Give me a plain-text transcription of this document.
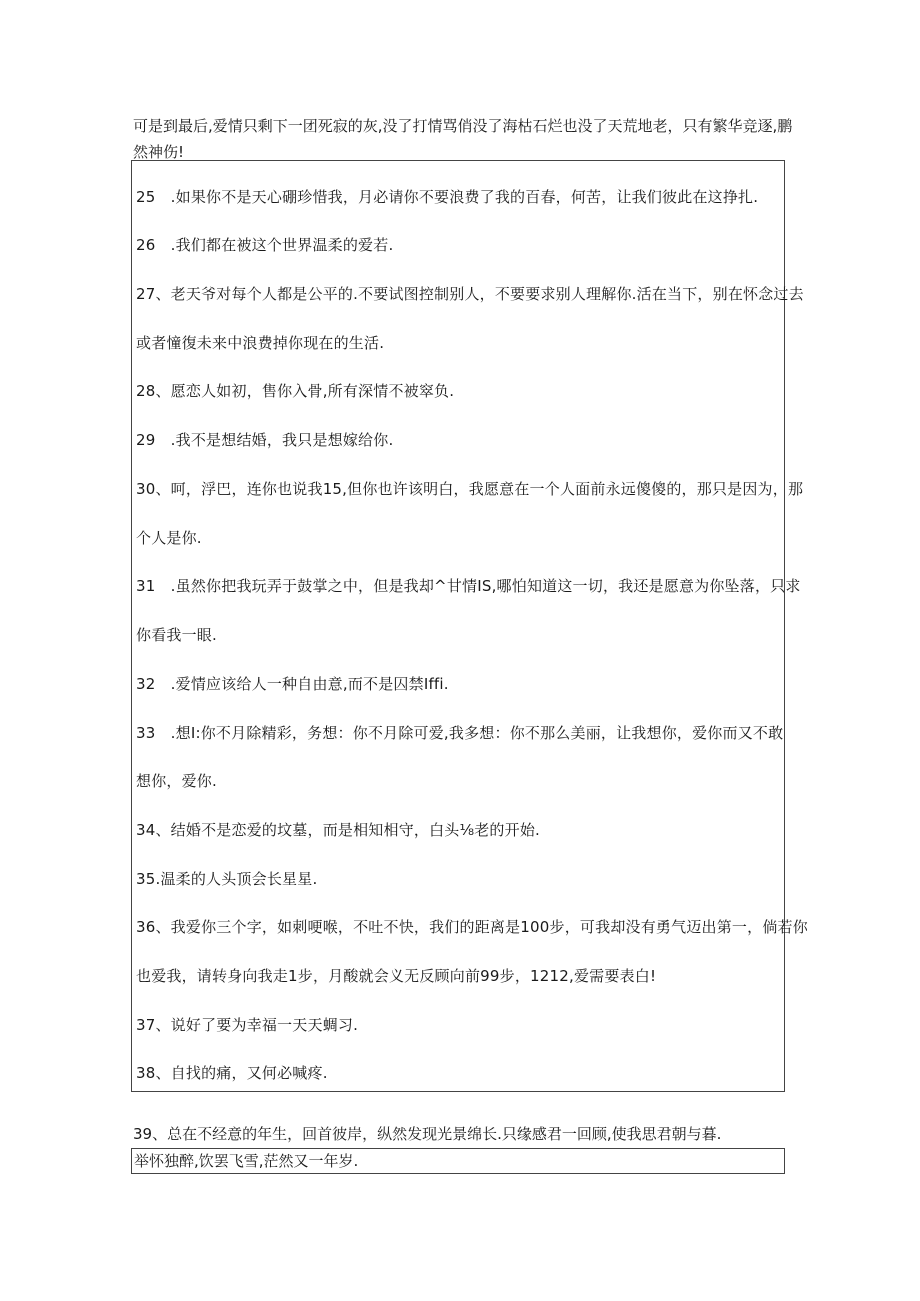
可是到最后,爱情只剩下一团死寂的灰,没了打情骂俏没了海枯石烂也没了天荒地老，只有繁华竞逐,鹏然神伤!
25　.如果你不是天心硼珍惜我，月必请你不要浪费了我的百春，何苦，让我们彼此在这挣扎.
26　.我们都在被这个世界温柔的爱若.
27、老天爷对每个人都是公平的.不要试图控制别人，不要要求别人理解你.活在当下，别在怀念过去
或者憧復未来中浪费掉你现在的生活.
28、愿恋人如初，售你入骨,所有深情不被窣负.
29　.我不是想结婚，我只是想嫁给你.
30、呵，浮巴，连你也说我15,但你也许该明白，我愿意在一个人面前永远傻傻的，那只是因为，那
个人是你.
31　.虽然你把我玩弄于鼓掌之中，但是我却^甘情IS,哪怕知道这一切，我还是愿意为你坠落，只求
你看我一眼.
32　.爱情应该给人一种自由意,而不是囚禁Iffi.
33　.想I:你不月除精彩，务想：你不月除可爱,我多想：你不那么美丽，让我想你，爱你而又不敢
想你，爱你.
34、结婚不是恋爱的坟墓，而是相知相守，白头⅛老的开始.
35.温柔的人头顶会长星星.
36、我爱你三个字，如刺哽喉，不吐不快，我们的距离是100步，可我却没有勇气迈出第一，倘若你
也爱我，请转身向我走1步，月酸就会义无反顾向前99步，1212,爱需要表白!
37、说好了要为幸福一天天蜩习.
38、自找的痛，又何必喊疼.
39、总在不经意的年生，回首彼岸，纵然发现光景绵长.只缘感君一回顾,使我思君朝与暮.
举怀独醉,饮罢飞雪,茫然又一年岁.
